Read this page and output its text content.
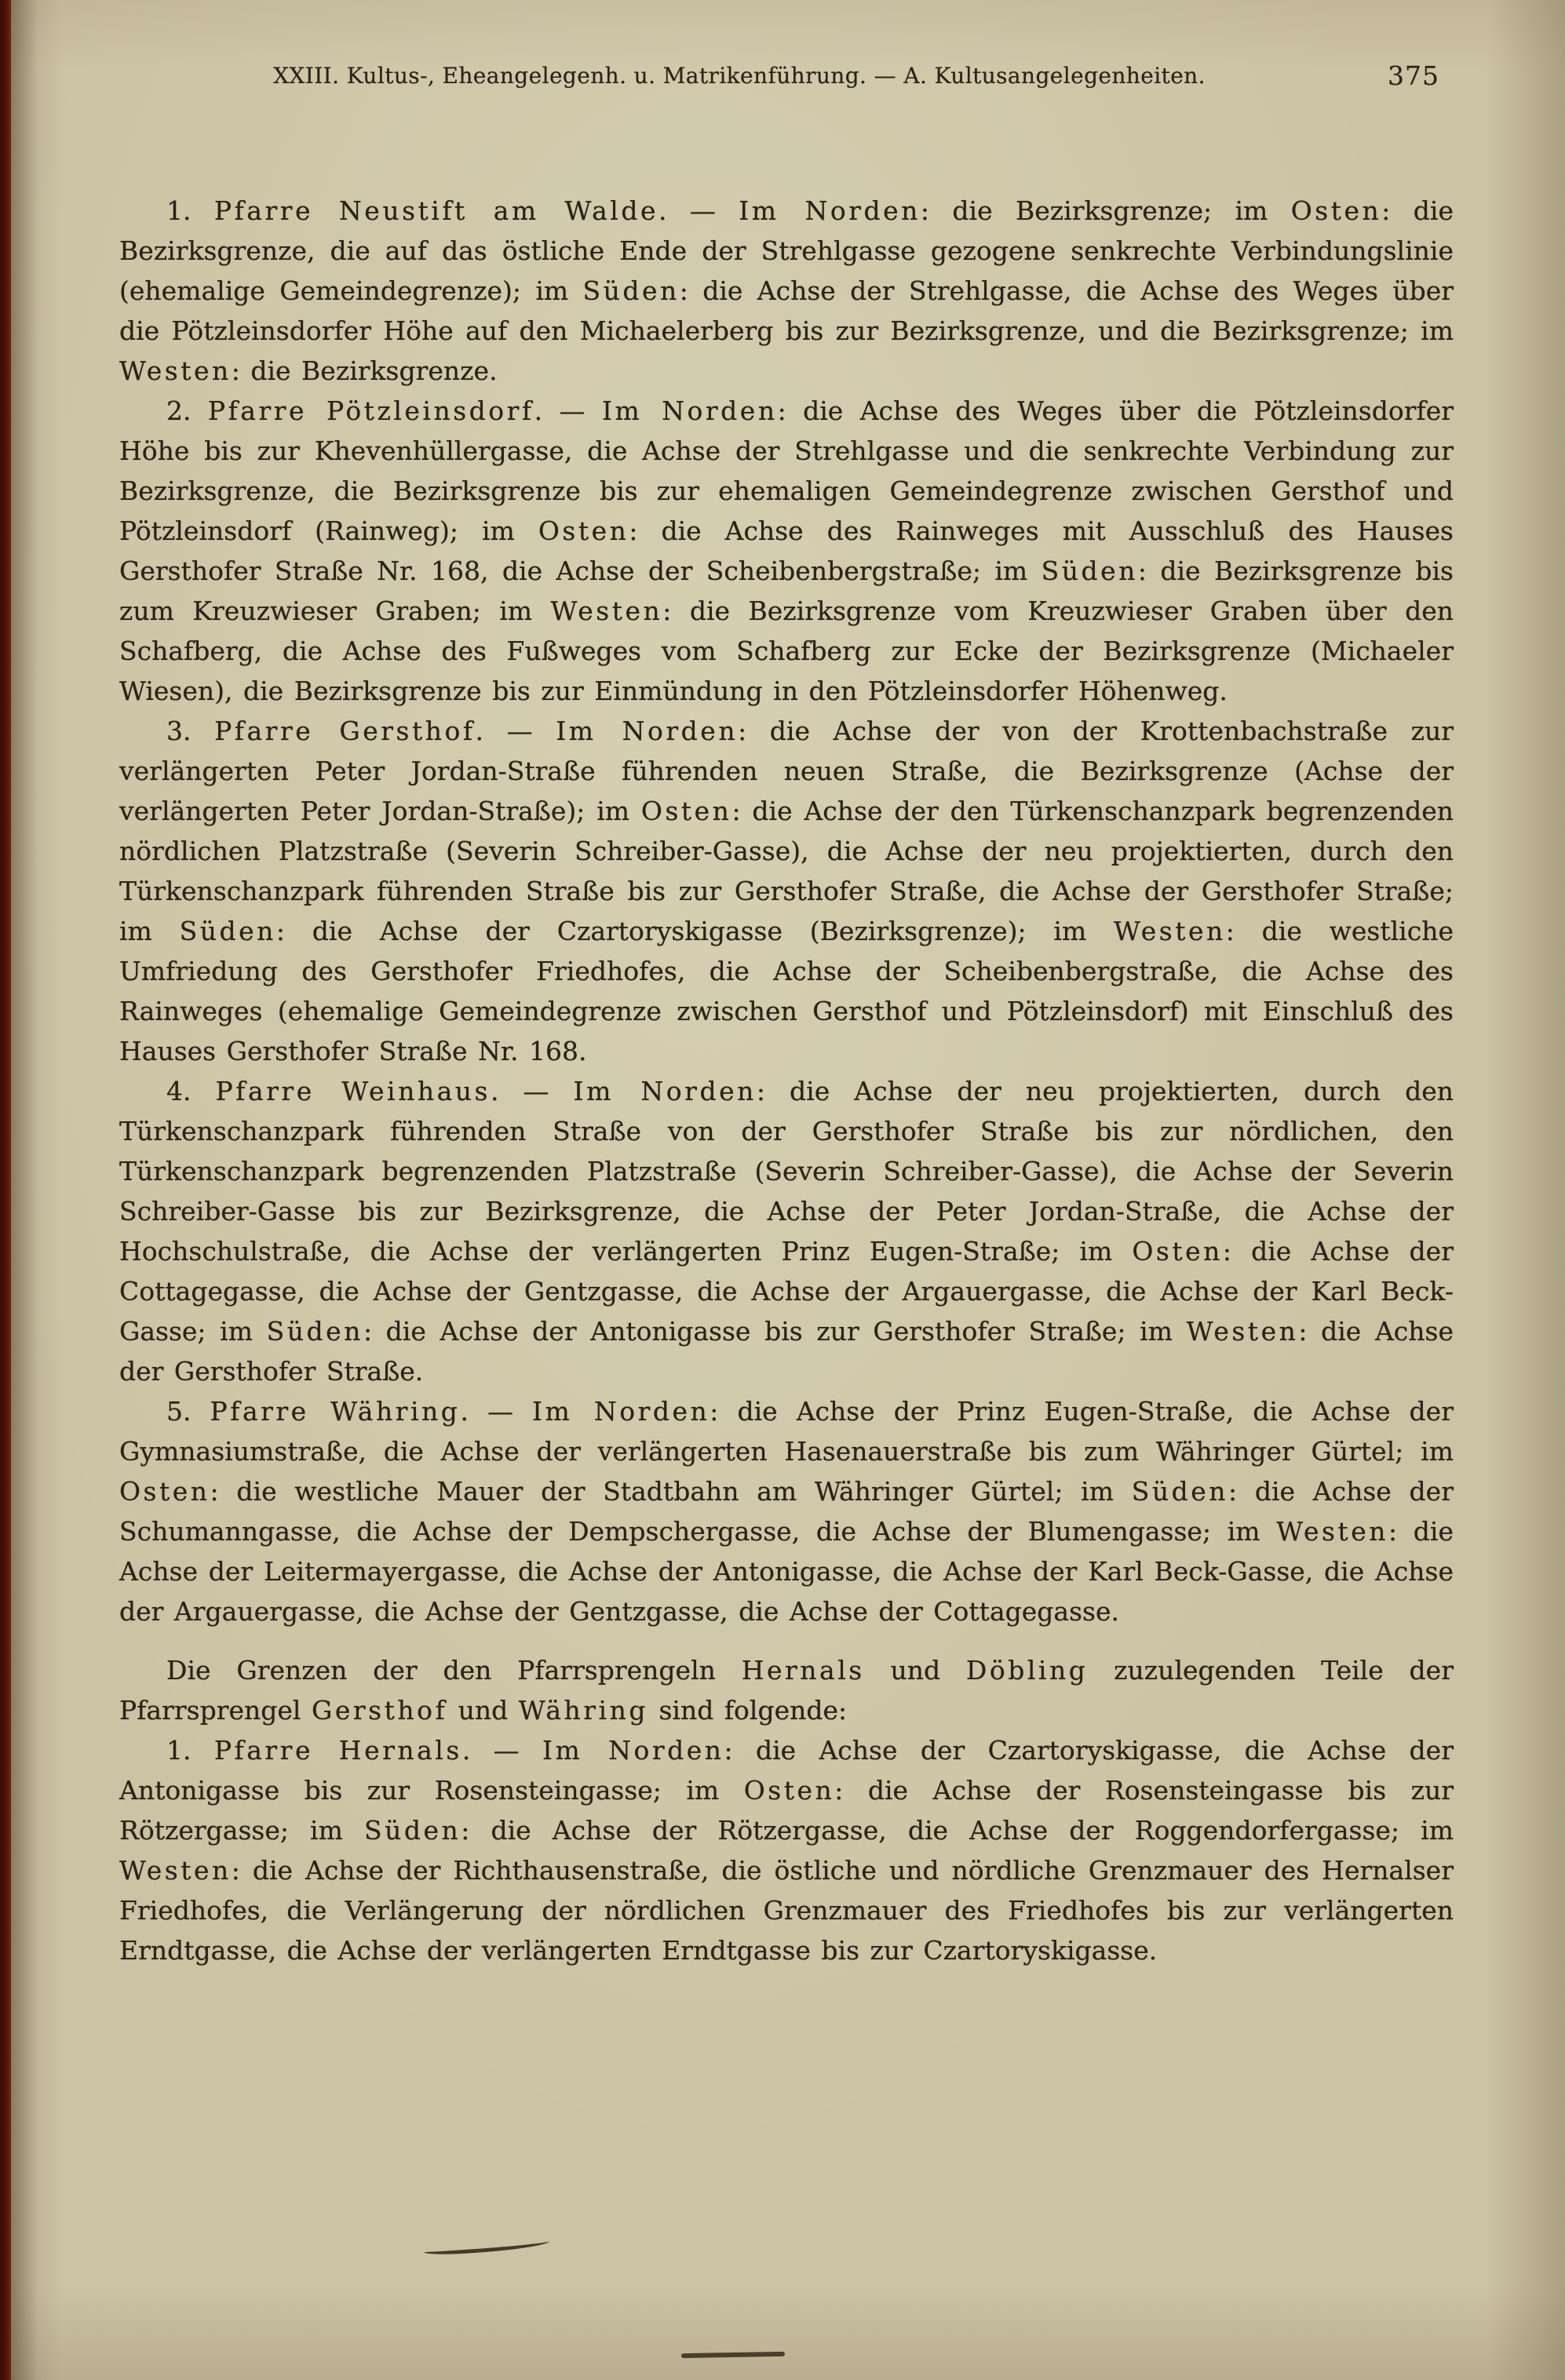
XXIII. Kultus-, Eheangelegenh. u. Matrikenführung. — A. Kultusangelegenheiten.	375

1. Pfarre Neustift am Walde. — Im Norden: die Bezirksgrenze; im Osten: die Bezirksgrenze, die auf das östliche Ende der Strehlgasse gezogene senkrechte Verbindungslinie (ehemalige Gemeindegrenze); im Süden: die Achse der Strehlgasse, die Achse des Weges über die Pötzleinsdorfer Höhe auf den Michaelerberg bis zur Bezirksgrenze, und die Bezirksgrenze; im Westen: die Bezirksgrenze.

2. Pfarre Pötzleinsdorf. — Im Norden: die Achse des Weges über die Pötzleinsdorfer Höhe bis zur Khevenhüllergasse, die Achse der Strehlgasse und die senkrechte Verbindung zur Bezirksgrenze, die Bezirksgrenze bis zur ehemaligen Gemeindegrenze zwischen Gersthof und Pötzleinsdorf (Rainweg); im Osten: die Achse des Rainweges mit Ausschluß des Hauses Gersthofer Straße Nr. 168, die Achse der Scheibenbergstraße; im Süden: die Bezirksgrenze bis zum Kreuzwieser Graben; im Westen: die Bezirksgrenze vom Kreuzwieser Graben über den Schafberg, die Achse des Fußweges vom Schafberg zur Ecke der Bezirksgrenze (Michaeler Wiesen), die Bezirksgrenze bis zur Einmündung in den Pötzleinsdorfer Höhenweg.

3. Pfarre Gersthof. — Im Norden: die Achse der von der Krottenbachstraße zur verlängerten Peter Jordan-Straße führenden neuen Straße, die Bezirksgrenze (Achse der verlängerten Peter Jordan-Straße); im Osten: die Achse der den Türkenschanzpark begrenzenden nördlichen Platzstraße (Severin Schreiber-Gasse), die Achse der neu projektierten, durch den Türkenschanzpark führenden Straße bis zur Gersthofer Straße, die Achse der Gersthofer Straße; im Süden: die Achse der Czartoryskigasse (Bezirksgrenze); im Westen: die westliche Umfriedung des Gersthofer Friedhofes, die Achse der Scheibenbergstraße, die Achse des Rainweges (ehemalige Gemeindegrenze zwischen Gersthof und Pötzleinsdorf) mit Einschluß des Hauses Gersthofer Straße Nr. 168.

4. Pfarre Weinhaus. — Im Norden: die Achse der neu projektierten, durch den Türkenschanzpark führenden Straße von der Gersthofer Straße bis zur nördlichen, den Türkenschanzpark begrenzenden Platzstraße (Severin Schreiber-Gasse), die Achse der Severin Schreiber-Gasse bis zur Bezirksgrenze, die Achse der Peter Jordan-Straße, die Achse der Hochschulstraße, die Achse der verlängerten Prinz Eugen-Straße; im Osten: die Achse der Cottagegasse, die Achse der Gentzgasse, die Achse der Argauergasse, die Achse der Karl Beck-Gasse; im Süden: die Achse der Antonigasse bis zur Gersthofer Straße; im Westen: die Achse der Gersthofer Straße.

5. Pfarre Währing. — Im Norden: die Achse der Prinz Eugen-Straße, die Achse der Gymnasiumstraße, die Achse der verlängerten Hasenauerstraße bis zum Währinger Gürtel; im Osten: die westliche Mauer der Stadtbahn am Währinger Gürtel; im Süden: die Achse der Schumanngasse, die Achse der Dempschergasse, die Achse der Blumengasse; im Westen: die Achse der Leitermayergasse, die Achse der Antonigasse, die Achse der Karl Beck-Gasse, die Achse der Argauergasse, die Achse der Gentzgasse, die Achse der Cottagegasse.

Die Grenzen der den Pfarrsprengeln Hernals und Döbling zuzulegenden Teile der Pfarrsprengel Gersthof und Währing sind folgende:

1. Pfarre Hernals. — Im Norden: die Achse der Czartoryskigasse, die Achse der Antonigasse bis zur Rosensteingasse; im Osten: die Achse der Rosensteingasse bis zur Rötzergasse; im Süden: die Achse der Rötzergasse, die Achse der Roggendorfergasse; im Westen: die Achse der Richthausenstraße, die östliche und nördliche Grenzmauer des Hernalser Friedhofes, die Verlängerung der nördlichen Grenzmauer des Friedhofes bis zur verlängerten Erndtgasse, die Achse der verlängerten Erndtgasse bis zur Czartoryskigasse.
